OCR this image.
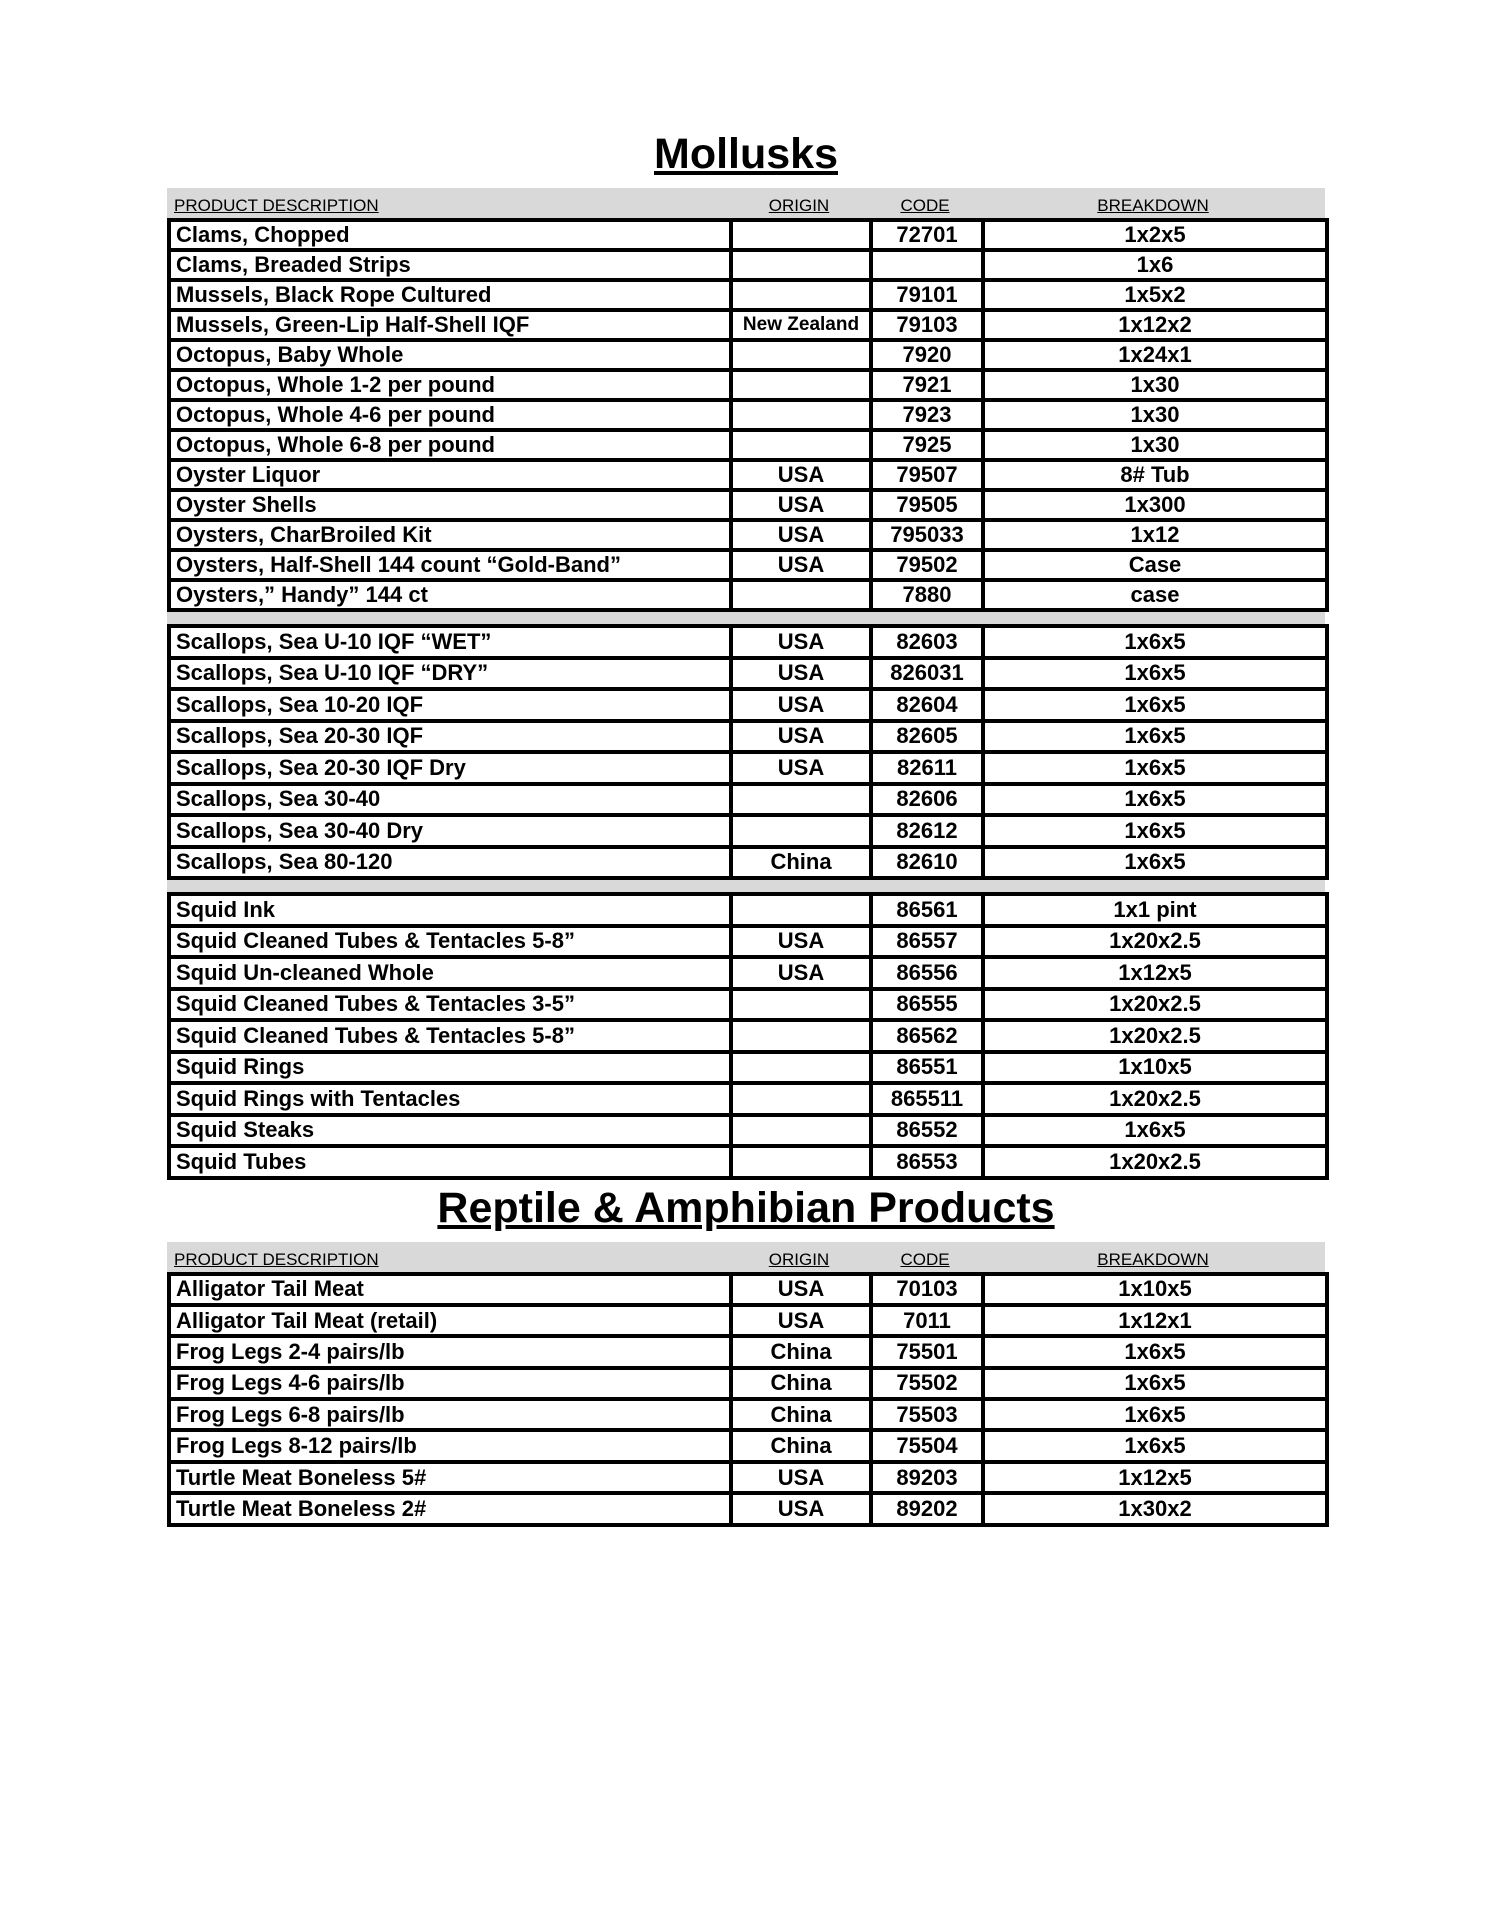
Mollusks
PRODUCT DESCRIPTION	ORIGIN	CODE	BREAKDOWN
Clams, Chopped		72701	1x2x5
Clams, Breaded Strips			1x6
Mussels, Black Rope Cultured		79101	1x5x2
Mussels, Green-Lip Half-Shell IQF	New Zealand	79103	1x12x2
Octopus, Baby Whole		7920	1x24x1
Octopus, Whole 1-2 per pound		7921	1x30
Octopus, Whole 4-6 per pound		7923	1x30
Octopus, Whole 6-8 per pound		7925	1x30
Oyster Liquor	USA	79507	8# Tub
Oyster Shells	USA	79505	1x300
Oysters, CharBroiled Kit	USA	795033	1x12
Oysters, Half-Shell 144 count “Gold-Band”	USA	79502	Case
Oysters,” Handy” 144 ct		7880	case
Scallops, Sea U-10 IQF “WET”	USA	82603	1x6x5
Scallops, Sea U-10 IQF “DRY”	USA	826031	1x6x5
Scallops, Sea 10-20 IQF	USA	82604	1x6x5
Scallops, Sea 20-30 IQF	USA	82605	1x6x5
Scallops, Sea 20-30 IQF Dry	USA	82611	1x6x5
Scallops, Sea 30-40		82606	1x6x5
Scallops, Sea 30-40 Dry		82612	1x6x5
Scallops, Sea 80-120	China	82610	1x6x5
Squid Ink		86561	1x1 pint
Squid Cleaned Tubes & Tentacles 5-8”	USA	86557	1x20x2.5
Squid Un-cleaned Whole	USA	86556	1x12x5
Squid Cleaned Tubes & Tentacles 3-5”		86555	1x20x2.5
Squid Cleaned Tubes & Tentacles 5-8”		86562	1x20x2.5
Squid Rings		86551	1x10x5
Squid Rings with Tentacles		865511	1x20x2.5
Squid Steaks		86552	1x6x5
Squid Tubes		86553	1x20x2.5
Reptile & Amphibian Products
PRODUCT DESCRIPTION	ORIGIN	CODE	BREAKDOWN
Alligator Tail Meat	USA	70103	1x10x5
Alligator Tail Meat (retail)	USA	7011	1x12x1
Frog Legs 2-4 pairs/lb	China	75501	1x6x5
Frog Legs 4-6 pairs/lb	China	75502	1x6x5
Frog Legs 6-8 pairs/lb	China	75503	1x6x5
Frog Legs 8-12 pairs/lb	China	75504	1x6x5
Turtle Meat Boneless 5#	USA	89203	1x12x5
Turtle Meat Boneless 2#	USA	89202	1x30x2
